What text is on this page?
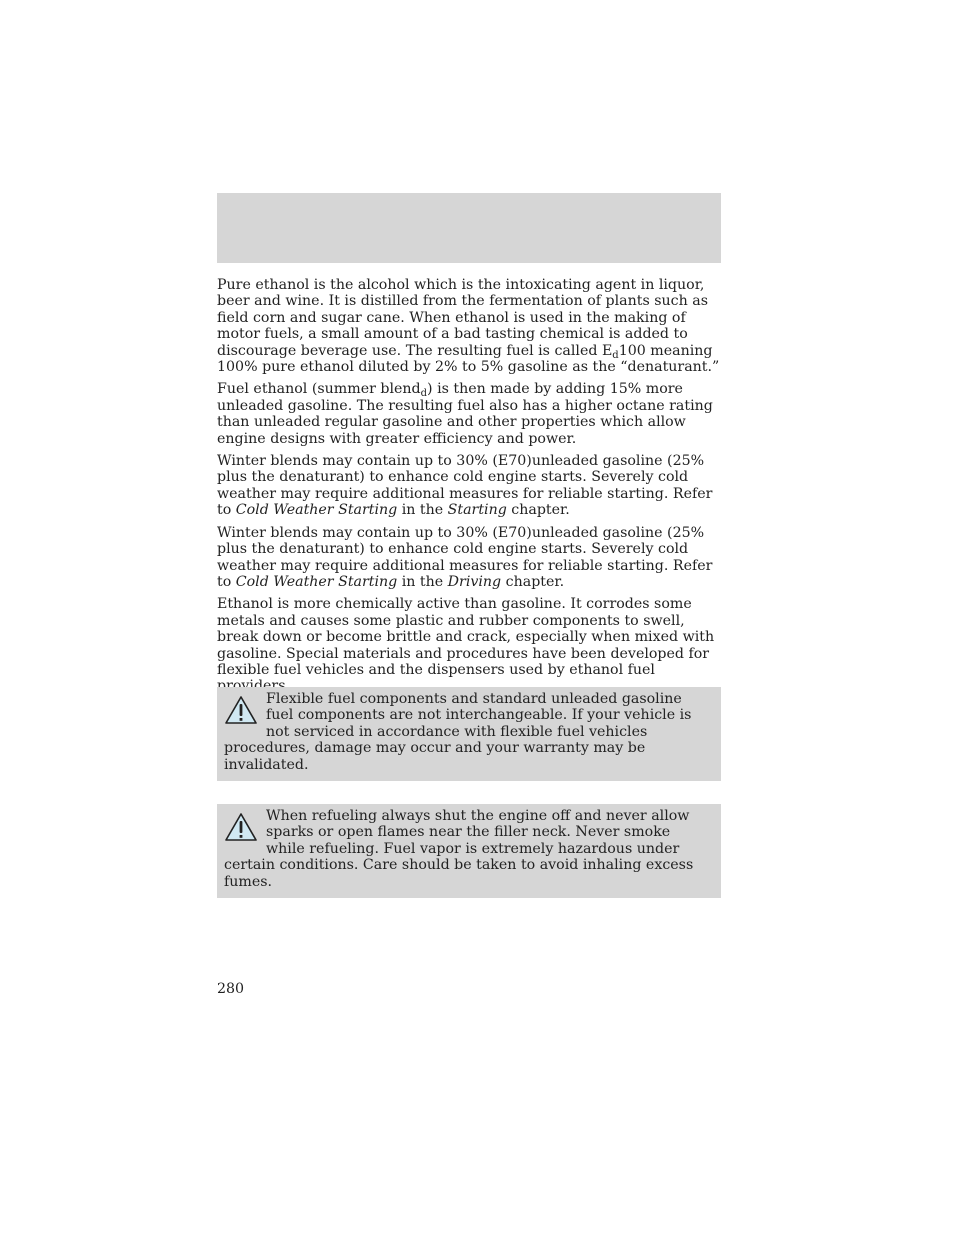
Pure ethanol is the alcohol which is the intoxicating agent in liquor, beer and wine. It is distilled from the fermentation of plants such as field corn and sugar cane. When ethanol is used in the making of motor fuels, a small amount of a bad tasting chemical is added to discourage beverage use. The resulting fuel is called $E_d100$ meaning 100% pure ethanol diluted by 2% to 5% gasoline as the “denaturant.”

Fuel ethanol (summer blend$_d$) is then made by adding 15% more unleaded gasoline. The resulting fuel also has a higher octane rating than unleaded regular gasoline and other properties which allow engine designs with greater efficiency and power.

Winter blends may contain up to 30% (E70)unleaded gasoline (25% plus the denaturant) to enhance cold engine starts. Severely cold weather may require additional measures for reliable starting. Refer to Cold Weather Starting in the Starting chapter.

Winter blends may contain up to 30% (E70)unleaded gasoline (25% plus the denaturant) to enhance cold engine starts. Severely cold weather may require additional measures for reliable starting. Refer to Cold Weather Starting in the Driving chapter.

Ethanol is more chemically active than gasoline. It corrodes some metals and causes some plastic and rubber components to swell, break down or become brittle and crack, especially when mixed with gasoline. Special materials and procedures have been developed for flexible fuel vehicles and the dispensers used by ethanol fuel

Flexible fuel components and standard unleaded gasoline fuel components are not interchangeable. If your vehicle is not serviced in accordance with flexible fuel vehicles procedures, damage may occur and your warranty may be invalidated.
When refueling always shut the engine off and never allow sparks or open flames near the filler neck. Never smoke while refueling. Fuel vapor is extremely hazardous under certain conditions. Care should be taken to avoid inhaling excess fumes.
280
